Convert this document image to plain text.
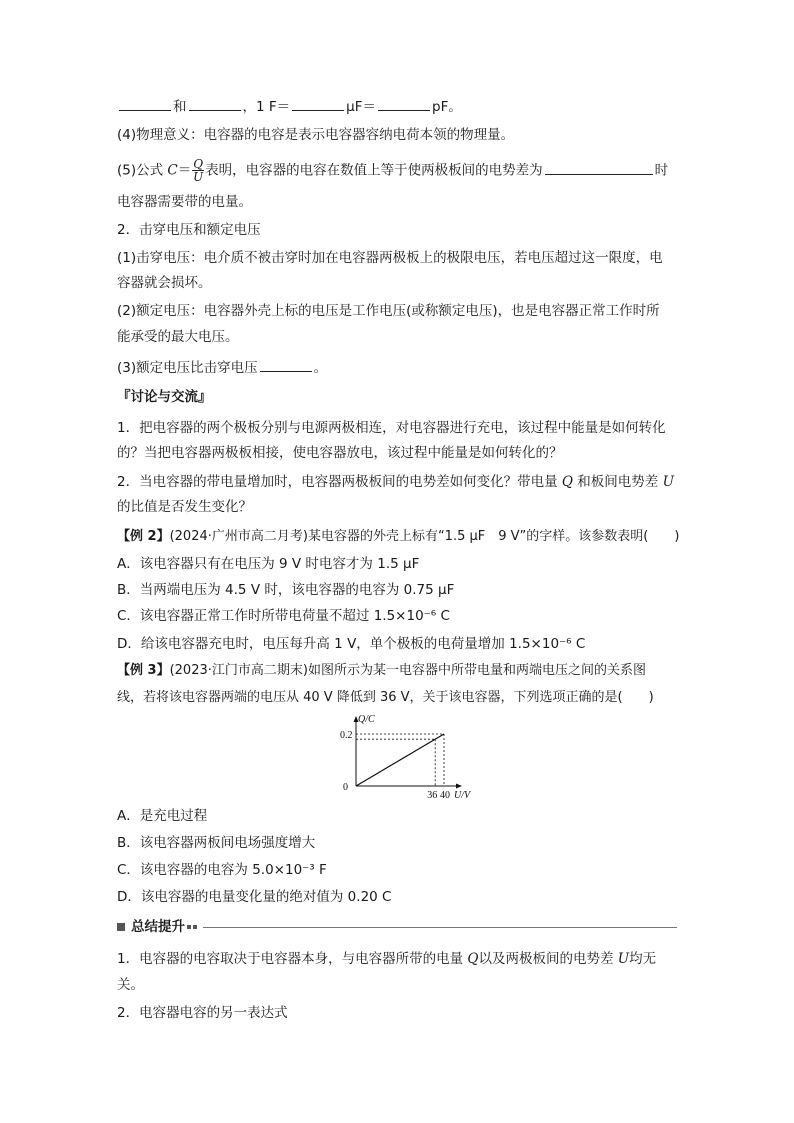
和	，1 F＝	μF＝	pF。
(4)物理意义：电容器的电容是表示电容器容纳电荷本领的物理量。
(5)公式 $C= \frac{Q}{U}$ 表明，电容器的电容在数值上等于使两极板间的电势差为	时
电容器需要带的电量。
2．击穿电压和额定电压
(1)击穿电压：电介质不被击穿时加在电容器两极板上的极限电压，若电压超过这一限度，电
容器就会损坏。
(2)额定电压：电容器外壳上标的电压是工作电压(或称额定电压)，也是电容器正常工作时所
能承受的最大电压。
(3)额定电压比击穿电压	。
『讨论与交流』
1．把电容器的两个极板分别与电源两极相连，对电容器进行充电，该过程中能量是如何转化
的？当把电容器两极板相接，使电容器放电，该过程中能量是如何转化的？
2．当电容器的带电量增加时，电容器两极板间的电势差如何变化？带电量 Q 和板间电势差 U
的比值是否发生变化？
【例 2】(2024·广州市高二月考)某电容器的外壳上标有“1.5 μF　9 V”的字样。该参数表明(　　)
A．该电容器只有在电压为 9 V 时电容才为 1.5 μF
B．当两端电压为 4.5 V 时，该电容器的电容为 0.75 μF
C．该电容器正常工作时所带电荷量不超过 1.5×10⁻⁶ C
D．给该电容器充电时，电压每升高 1 V，单个极板的电荷量增加 1.5×10⁻⁶ C
【例 3】(2023·江门市高二期末)如图所示为某一电容器中所带电量和两端电压之间的关系图
线，若将该电容器两端的电压从 40 V 降低到 36 V，关于该电容器，下列选项正确的是(　　)
0
0.2
36 40 U/V
Q/C
A．是充电过程
B．该电容器两板间电场强度增大
C．该电容器的电容为 5.0×10⁻³ F
D．该电容器的电量变化量的绝对值为 0.20 C
总结提升
1．电容器的电容取决于电容器本身，与电容器所带的电量 Q以及两极板间的电势差 U均无
关。
2．电容器电容的另一表达式
